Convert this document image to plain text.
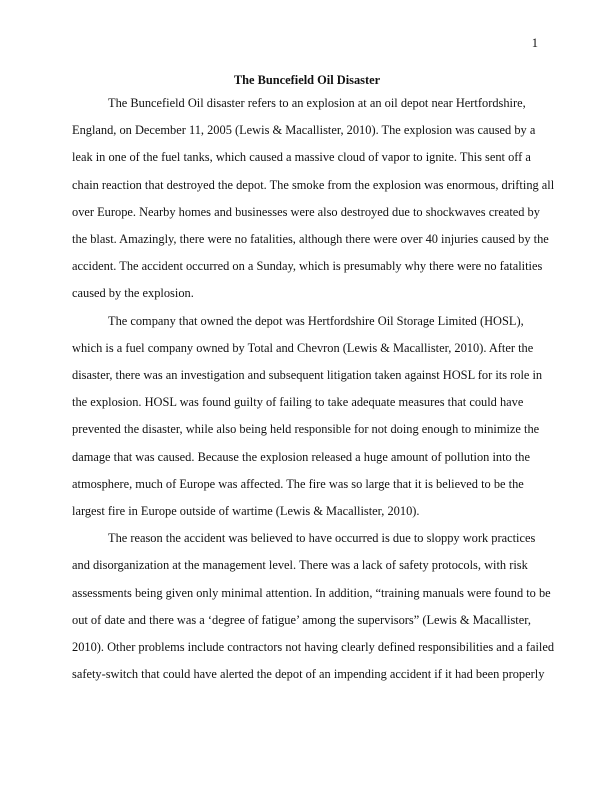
1
The Buncefield Oil Disaster

The Buncefield Oil disaster refers to an explosion at an oil depot near Hertfordshire,
England, on December 11, 2005 (Lewis & Macallister, 2010). The explosion was caused by a
leak in one of the fuel tanks, which caused a massive cloud of vapor to ignite. This sent off a
chain reaction that destroyed the depot. The smoke from the explosion was enormous, drifting all
over Europe. Nearby homes and businesses were also destroyed due to shockwaves created by
the blast. Amazingly, there were no fatalities, although there were over 40 injuries caused by the
accident. The accident occurred on a Sunday, which is presumably why there were no fatalities
caused by the explosion.

The company that owned the depot was Hertfordshire Oil Storage Limited (HOSL),
which is a fuel company owned by Total and Chevron (Lewis & Macallister, 2010). After the
disaster, there was an investigation and subsequent litigation taken against HOSL for its role in
the explosion. HOSL was found guilty of failing to take adequate measures that could have
prevented the disaster, while also being held responsible for not doing enough to minimize the
damage that was caused. Because the explosion released a huge amount of pollution into the
atmosphere, much of Europe was affected. The fire was so large that it is believed to be the
largest fire in Europe outside of wartime (Lewis & Macallister, 2010).

The reason the accident was believed to have occurred is due to sloppy work practices
and disorganization at the management level. There was a lack of safety protocols, with risk
assessments being given only minimal attention. In addition, “training manuals were found to be
out of date and there was a ‘degree of fatigue’ among the supervisors” (Lewis & Macallister,
2010). Other problems include contractors not having clearly defined responsibilities and a failed
safety-switch that could have alerted the depot of an impending accident if it had been properly
